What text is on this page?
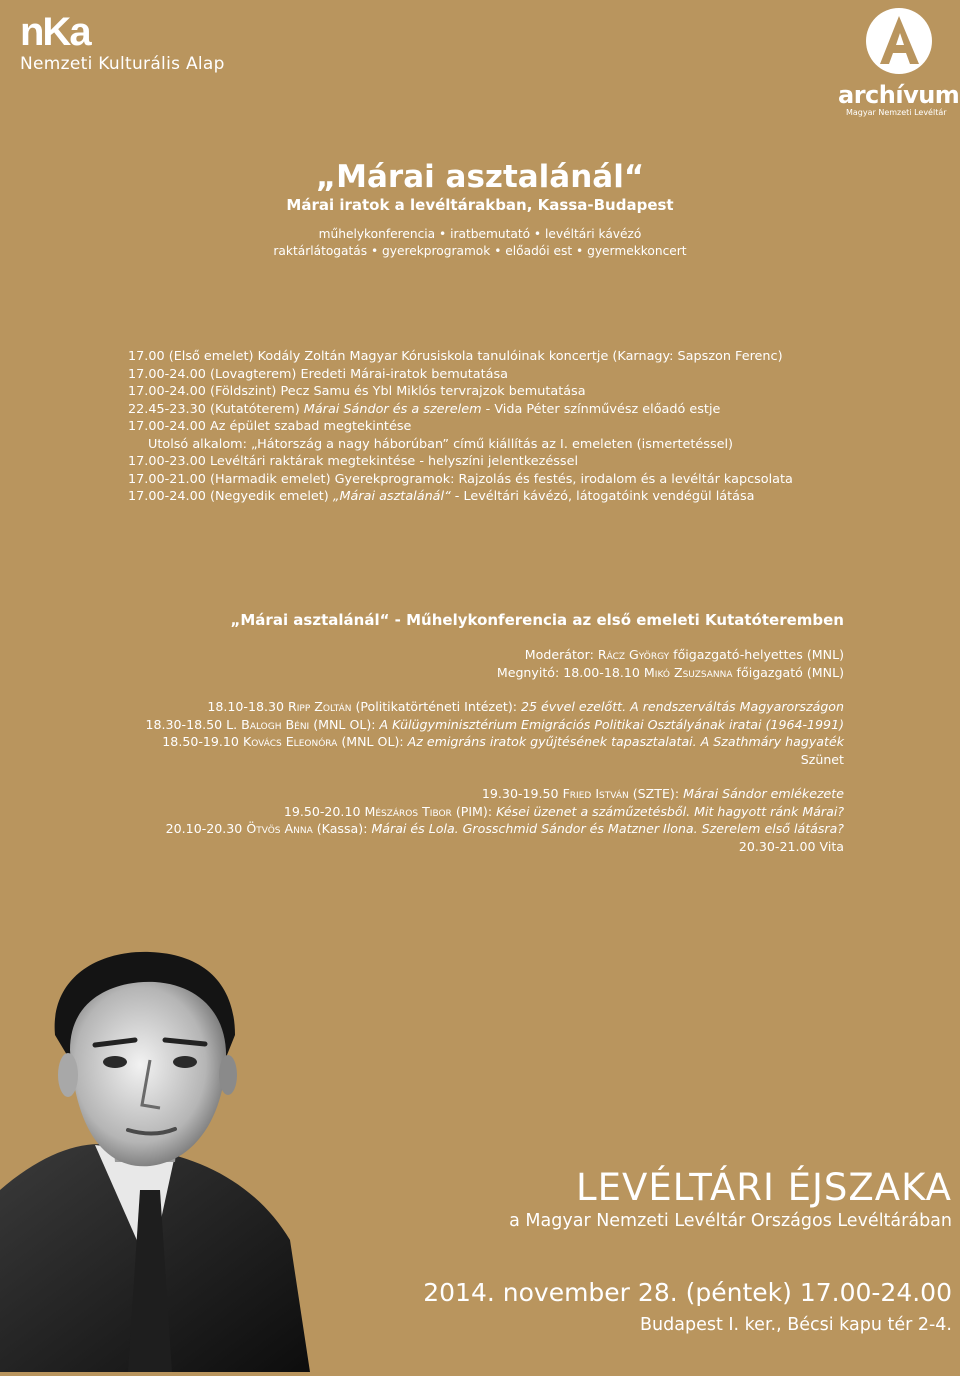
nKa
Nemzeti Kulturális Alap
archívum
Magyar Nemzeti Levéltár
„Márai asztalánál“
Márai iratok a levéltárakban, Kassa-Budapest
műhelykonferencia • iratbemutató • levéltári kávézó
raktárlátogatás • gyerekprogramok • előadói est • gyermekkoncert
17.00 (Első emelet) Kodály Zoltán Magyar Kórusiskola tanulóinak koncertje (Karnagy: Sapszon Ferenc)
17.00-24.00 (Lovagterem) Eredeti Márai-iratok bemutatása
17.00-24.00 (Földszint) Pecz Samu és Ybl Miklós tervrajzok bemutatása
22.45-23.30 (Kutatóterem) Márai Sándor és a szerelem - Vida Péter színművész előadó estje
17.00-24.00 Az épület szabad megtekintése
Utolsó alkalom: „Hátország a nagy háborúban” című kiállítás az I. emeleten (ismertetéssel)
17.00-23.00 Levéltári raktárak megtekintése - helyszíni jelentkezéssel
17.00-21.00 (Harmadik emelet) Gyerekprogramok: Rajzolás és festés, irodalom és a levéltár kapcsolata
17.00-24.00 (Negyedik emelet) „Márai asztalánál“ - Levéltári kávézó, látogatóink vendégül látása
„Márai asztalánál“ - Műhelykonferencia az első emeleti Kutatóteremben
Moderátor: Rácz György főigazgató-helyettes (MNL)
Megnyitó: 18.00-18.10 Mikó Zsuzsanna főigazgató (MNL)
18.10-18.30 Ripp Zoltán (Politikatörténeti Intézet): 25 évvel ezelőtt. A rendszerváltás Magyarországon
18.30-18.50 L. Balogh Béni (MNL OL): A Külügyminisztérium Emigrációs Politikai Osztályának iratai (1964-1991)
18.50-19.10 Kovács Eleonóra (MNL OL): Az emigráns iratok gyűjtésének tapasztalatai. A Szathmáry hagyaték
Szünet
19.30-19.50 Fried István (SZTE): Márai Sándor emlékezete
19.50-20.10 Mészáros Tibor (PIM): Kései üzenet a száműzetésből. Mit hagyott ránk Márai?
20.10-20.30 Ötvös Anna (Kassa): Márai és Lola. Grosschmid Sándor és Matzner Ilona. Szerelem első látásra?
20.30-21.00 Vita
LEVÉLTÁRI ÉJSZAKA
a Magyar Nemzeti Levéltár Országos Levéltárában
2014. november 28. (péntek) 17.00-24.00
Budapest I. ker., Bécsi kapu tér 2-4.
